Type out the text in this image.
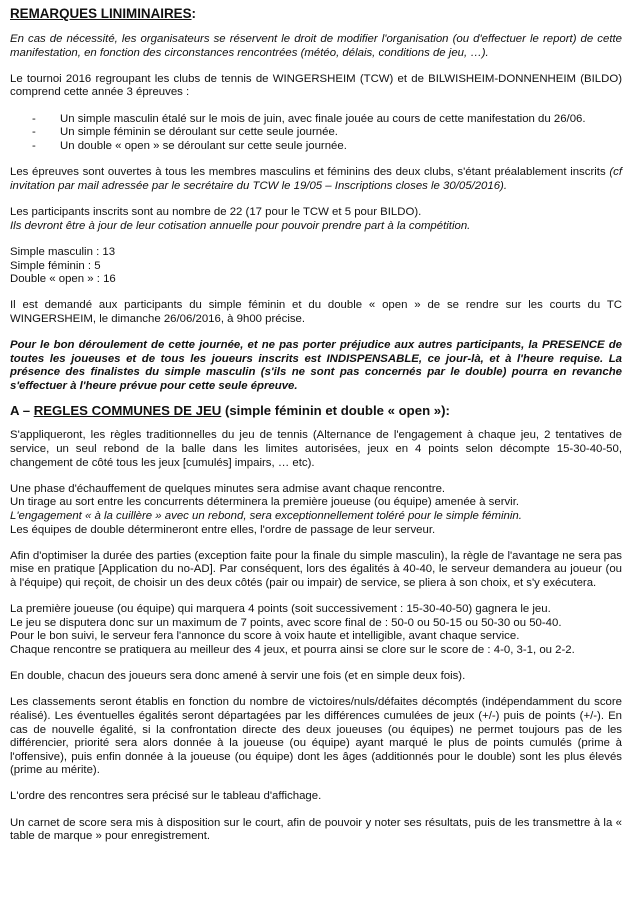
REMARQUES LINIMINAIRES:

En cas de nécessité, les organisateurs se réservent le droit de modifier l'organisation (ou d'effectuer le report) de cette manifestation, en fonction des circonstances rencontrées (météo, délais, conditions de jeu, …).

Le tournoi 2016 regroupant les clubs de tennis de WINGERSHEIM (TCW) et de BILWISHEIM-DONNENHEIM (BILDO) comprend cette année 3 épreuves :

- Un simple masculin étalé sur le mois de juin, avec finale jouée au cours de cette manifestation du 26/06.
- Un simple féminin se déroulant sur cette seule journée.
- Un double « open » se déroulant sur cette seule journée.

Les épreuves sont ouvertes à tous les membres masculins et féminins des deux clubs, s'étant préalablement inscrits (cf invitation par mail adressée par le secrétaire du TCW le 19/05 – Inscriptions closes le 30/05/2016).

Les participants inscrits sont au nombre de 22 (17 pour le TCW et 5 pour BILDO).
Ils devront être à jour de leur cotisation annuelle pour pouvoir prendre part à la compétition.

Simple masculin : 13
Simple féminin : 5
Double « open » : 16

Il est demandé aux participants du simple féminin et du double « open » de se rendre sur les courts du TC WINGERSHEIM, le dimanche 26/06/2016, à 9h00 précise.

Pour le bon déroulement de cette journée, et ne pas porter préjudice aux autres participants, la PRESENCE de toutes les joueuses et de tous les joueurs inscrits est INDISPENSABLE, ce jour-là, et à l'heure requise. La présence des finalistes du simple masculin (s'ils ne sont pas concernés par le double) pourra en revanche s'effectuer à l'heure prévue pour cette seule épreuve.

A – REGLES COMMUNES DE JEU (simple féminin et double « open »):

S'appliqueront, les règles traditionnelles du jeu de tennis (Alternance de l'engagement à chaque jeu, 2 tentatives de service, un seul rebond de la balle dans les limites autorisées, jeux en 4 points selon décompte 15-30-40-50, changement de côté tous les jeux [cumulés] impairs, … etc).

Une phase d'échauffement de quelques minutes sera admise avant chaque rencontre.
Un tirage au sort entre les concurrents déterminera la première joueuse (ou équipe) amenée à servir.
L'engagement « à la cuillère » avec un rebond, sera exceptionnellement toléré pour le simple féminin.
Les équipes de double détermineront entre elles, l'ordre de passage de leur serveur.

Afin d'optimiser la durée des parties (exception faite pour la finale du simple masculin), la règle de l'avantage ne sera pas mise en pratique [Application du no-AD]. Par conséquent, lors des égalités à 40-40, le serveur demandera au joueur (ou à l'équipe) qui reçoit, de choisir un des deux côtés (pair ou impair) de service, se pliera à son choix, et s'y exécutera.

La première joueuse (ou équipe) qui marquera 4 points (soit successivement : 15-30-40-50) gagnera le jeu.
Le jeu se disputera donc sur un maximum de 7 points, avec score final de : 50-0 ou 50-15 ou 50-30 ou 50-40.
Pour le bon suivi, le serveur fera l'annonce du score à voix haute et intelligible, avant chaque service.
Chaque rencontre se pratiquera au meilleur des 4 jeux, et pourra ainsi se clore sur le score de : 4-0, 3-1, ou 2-2.

En double, chacun des joueurs sera donc amené à servir une fois (et en simple deux fois).

Les classements seront établis en fonction du nombre de victoires/nuls/défaites décomptés (indépendamment du score réalisé). Les éventuelles égalités seront départagées par les différences cumulées de jeux (+/-) puis de points (+/-). En cas de nouvelle égalité, si la confrontation directe des deux joueuses (ou équipes) ne permet toujours pas de les différencier, priorité sera alors donnée à la joueuse (ou équipe) ayant marqué le plus de points cumulés (prime à l'offensive), puis enfin donnée à la joueuse (ou équipe) dont les âges (additionnés pour le double) sont les plus élevés (prime au mérite).

L'ordre des rencontres sera précisé sur le tableau d'affichage.

Un carnet de score sera mis à disposition sur le court, afin de pouvoir y noter ses résultats, puis de les transmettre à la « table de marque » pour enregistrement.
